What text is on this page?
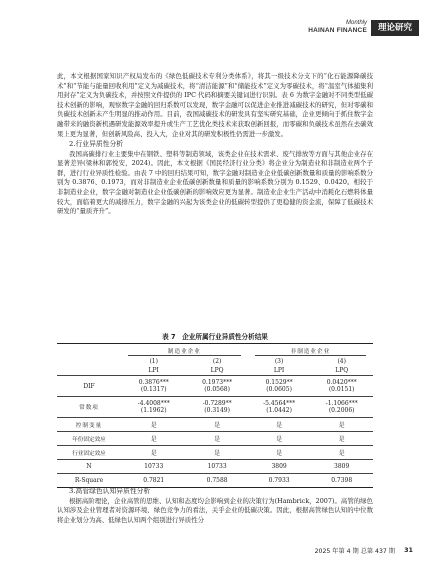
Monthly
HAINAN FINANCE	理论研究

此，本文根据国家知识产权局发布的《绿色低碳技术专利分类体系》，将其一级技术分支下的“化石能源降碳技术”和“节能与能量回收利用”定义为减碳技术，将“清洁能源”和“储能技术”定义为零碳技术，将“温室气体捕集利用封存”定义为负碳技术，并按照文件提供的 IPC 代码和摘要关键词进行识别。表 6 为数字金融对不同类型低碳技术创新的影响，观察数字金融的回归系数可以发现，数字金融可以促进企业推进减碳技术的研究，但对零碳和负碳技术创新未产生明显的推动作用。目前，我国减碳技术的研发具有坚实研究基础，企业更倾向于抓住数字金融带来的融资新机遇研发能源效率提升或生产工艺优化类技术来获取创新回报，而零碳和负碳技术虽然在去碳效果上更为显著，但创新风险高、投入大，企业对其的研发积极性仍需进一步激发。

2.行业异质性分析

我国高碳排行业主要集中在钢铁、塑料等制造领域，该类企业在技术需求、废气排放等方面与其他企业存在显著差异(梁林和郭悦安，2024)。因此，本文根据《国民经济行业分类》将企业分为制造业和非制造业两个子群，进行行业异质性检验。由表 7 中的回归结果可知，数字金融对制造业企业低碳创新数量和质量的影响系数分别为 0.3876、0.1973，而对非制造业企业低碳创新数量和质量的影响系数分别为 0.1529、0.0420。相较于非制造业企业，数字金融对制造业企业低碳创新的影响效应更为显著。制造业企业生产活动中消耗化石燃料体量较大，面临着更大的减排压力，数字金融的兴起为该类企业的低碳转型提供了更稳健的资金流，保障了低碳技术研发的“量质齐升”。

表 7　企业所属行业异质性分析结果
	制造业企业		非制造业企业	
	(1)	(2)	(3)	(4)
	LPI	LPQ	LPI	LPQ
DIF	0.3876***	0.1973***	0.1529**	0.0420***
	(0.1317)	(0.0568)	(0.0605)	(0.0151)
常数项	-4.4008***	-0.7289**	-5.4564***	-1.1066***
	(1.1962)	(0.3149)	(1.0442)	(0.2006)
控制变量	是	是	是	是
年份固定效应	是	是	是	是
行业固定效应	是	是	是	是
N	10733	10733	3809	3809
R-Square	0.7821	0.7588	0.7933	0.7398

3.高管绿色认知异质性分析

根据高阶理论，企业高管的思维、认知和态度均会影响到企业的决策行为(Hambrick，2007)。高管的绿色认知涉及企业管理者对资源环境、绿色竞争力的看法，关乎企业的低碳决策。因此，根据高管绿色认知的中位数将企业划分为高、低绿色认知两个组别进行异质性分

2025 年第 4 期 总第 437 期 31
